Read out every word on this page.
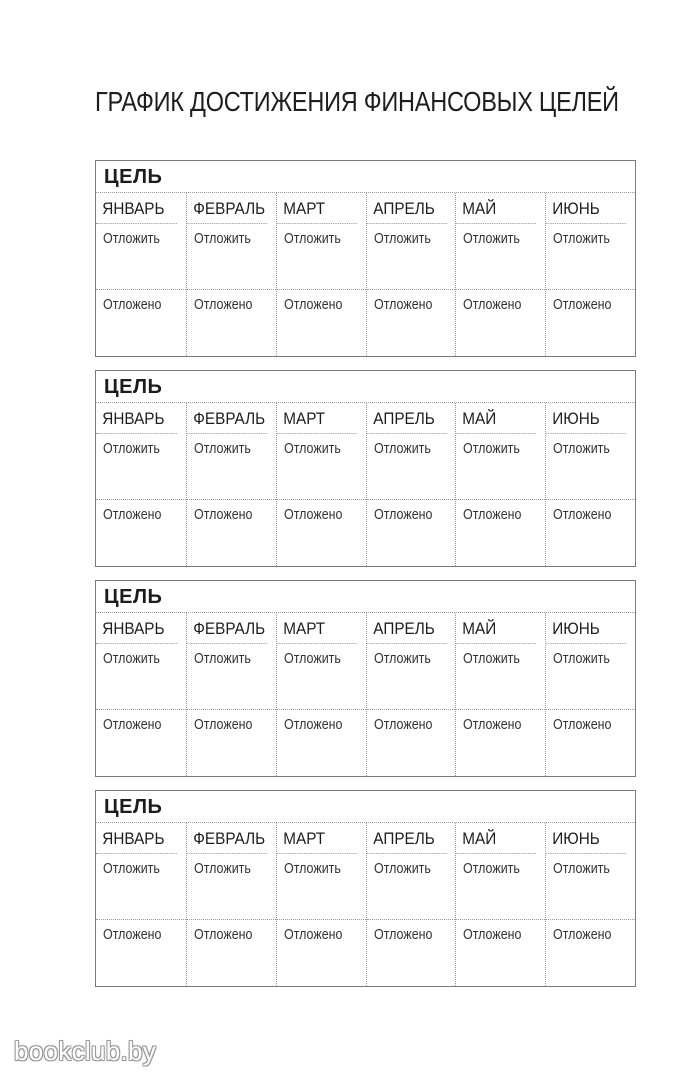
ГРАФИК ДОСТИЖЕНИЯ ФИНАНСОВЫХ ЦЕЛЕЙ
ЦЕЛЬ
ЯНВАРЬ
Отложить
Отложено
ФЕВРАЛЬ
Отложить
Отложено
МАРТ
Отложить
Отложено
АПРЕЛЬ
Отложить
Отложено
МАЙ
Отложить
Отложено
ИЮНЬ
Отложить
Отложено
ЦЕЛЬ
ЯНВАРЬ
Отложить
Отложено
ФЕВРАЛЬ
Отложить
Отложено
МАРТ
Отложить
Отложено
АПРЕЛЬ
Отложить
Отложено
МАЙ
Отложить
Отложено
ИЮНЬ
Отложить
Отложено
ЦЕЛЬ
ЯНВАРЬ
Отложить
Отложено
ФЕВРАЛЬ
Отложить
Отложено
МАРТ
Отложить
Отложено
АПРЕЛЬ
Отложить
Отложено
МАЙ
Отложить
Отложено
ИЮНЬ
Отложить
Отложено
ЦЕЛЬ
ЯНВАРЬ
Отложить
Отложено
ФЕВРАЛЬ
Отложить
Отложено
МАРТ
Отложить
Отложено
АПРЕЛЬ
Отложить
Отложено
МАЙ
Отложить
Отложено
ИЮНЬ
Отложить
Отложено
bookclub.by
